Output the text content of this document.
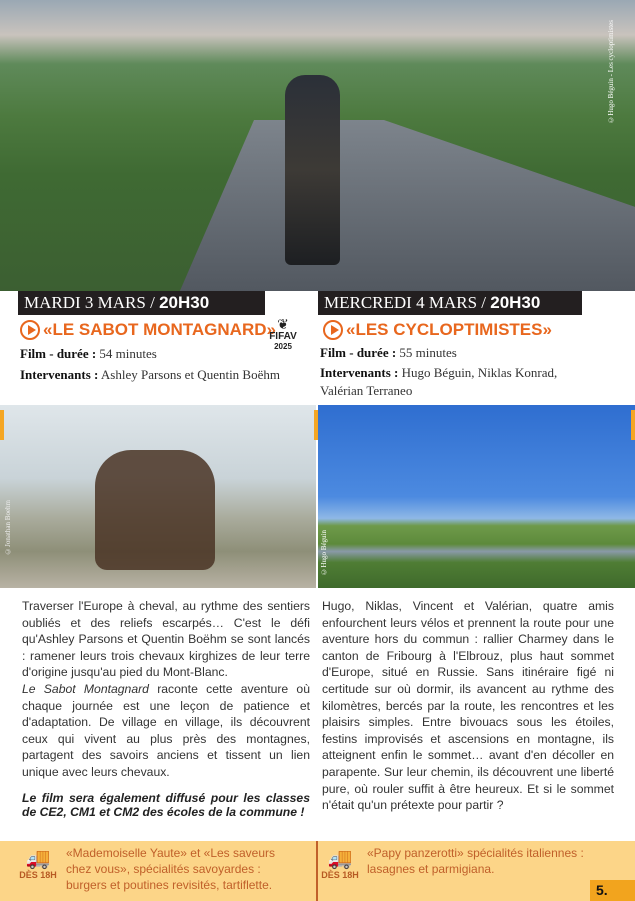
©Hugo Béguin - Les cycloptimistes
MARDI 3 MARS / 20H30	MERCREDI 4 MARS / 20H30
«LE SABOT MONTAGNARD»	«LES CYCLOPTIMISTES»
❦
FIFAV
2025
Film - durée : 54 minutes
Intervenants : Ashley Parsons et Quentin Boëhm
Film - durée : 55 minutes
Intervenants : Hugo Béguin, Niklas Konrad, Valérian Terraneo
©Jonathan Boehm	©Hugo Béguin

Traverser l'Europe à cheval, au rythme des sentiers oubliés et des reliefs escarpés… C'est le défi qu'Ashley Parsons et Quentin Boëhm se sont lancés : ramener leurs trois chevaux kirghizes de leur terre d'origine jusqu'au pied du Mont-Blanc.

Le Sabot Montagnard raconte cette aventure où chaque journée est une leçon de patience et d'adaptation. De village en village, ils découvrent ceux qui vivent au plus près des montagnes, partagent des savoirs anciens et tissent un lien unique avec leurs chevaux.

Le film sera également diffusé pour les classes de CE2, CM1 et CM2 des écoles de la commune !

Hugo, Niklas, Vincent et Valérian, quatre amis enfourchent leurs vélos et prennent la route pour une aventure hors du commun : rallier Charmey dans le canton de Fribourg à l'Elbrouz, plus haut sommet d'Europe, situé en Russie. Sans itinéraire figé ni certitude sur où dormir, ils avancent au rythme des kilomètres, bercés par la route, les rencontres et les plaisirs simples. Entre bivouacs sous les étoiles, festins improvisés et ascensions en montagne, ils atteignent enfin le sommet… avant d'en décoller en parapente. Sur leur chemin, ils découvrent une liberté pure, où rouler suffit à être heureux. Et si le sommet n'était qu'un prétexte pour partir ?

🚚
DÈS 18H
«Mademoiselle Yaute» et «Les saveurs chez vous», spécialités savoyardes : burgers et poutines revisités, tartiflette.
🚚
DÈS 18H
«Papy panzerotti» spécialités italiennes : lasagnes et parmigiana.
5.
